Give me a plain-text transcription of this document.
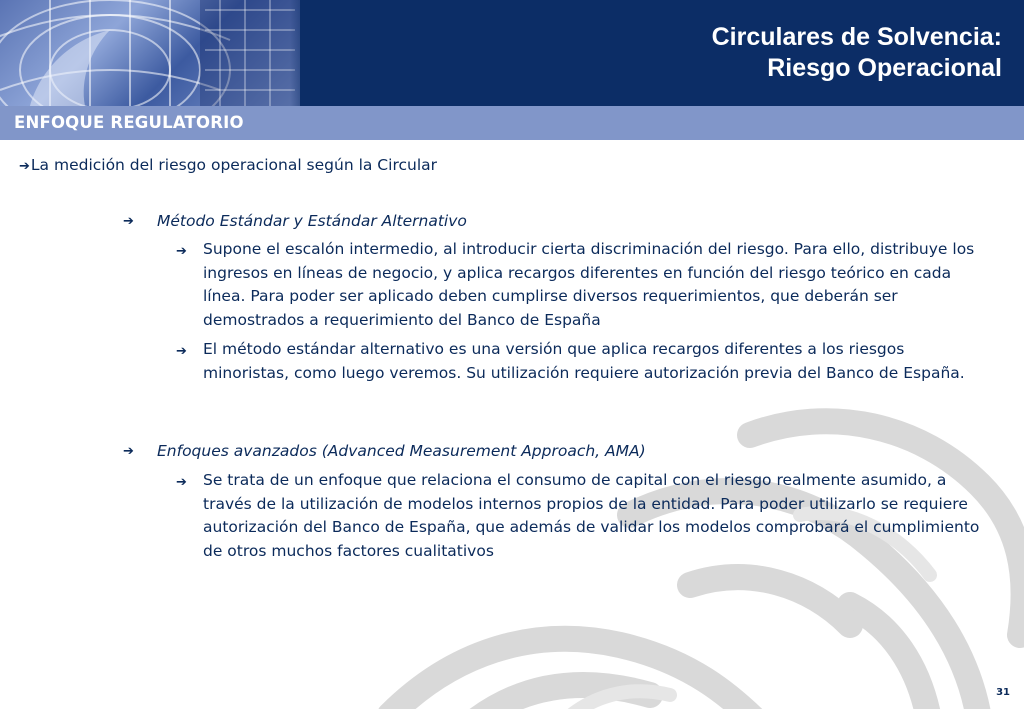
Circulares de Solvencia:
Riesgo Operacional
ENFOQUE REGULATORIO
➔La medición del riesgo operacional según la Circular
➔ Método Estándar y Estándar Alternativo
➔ Supone el escalón intermedio, al introducir cierta discriminación del riesgo. Para ello, distribuye los ingresos en líneas de negocio, y aplica recargos diferentes en función del riesgo teórico en cada línea. Para poder ser aplicado deben cumplirse diversos requerimientos, que deberán ser demostrados a requerimiento del Banco de España
➔ El método estándar alternativo es una versión que aplica recargos diferentes a los riesgos minoristas, como luego veremos. Su utilización requiere autorización previa del Banco de España.
➔ Enfoques avanzados (Advanced Measurement Approach, AMA)
➔ Se trata de un enfoque que relaciona el consumo de capital con el riesgo realmente asumido, a través de la utilización de modelos internos propios de la entidad. Para poder utilizarlo se requiere autorización del Banco de España, que además de validar los modelos comprobará el cumplimiento de otros muchos factores cualitativos
31
